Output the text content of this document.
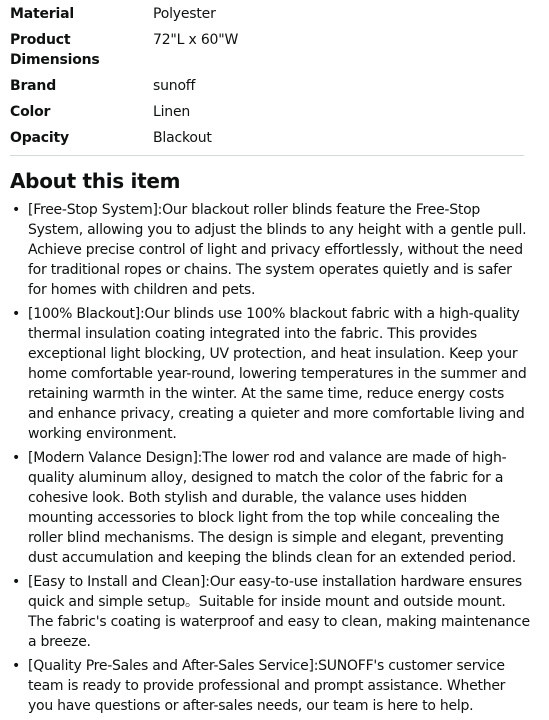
Material	Polyester
Product Dimensions	72"L x 60"W
Brand	sunoff
Color	Linen
Opacity	Blackout
About this item
• [Free-Stop System]:Our blackout roller blinds feature the Free-Stop System, allowing you to adjust the blinds to any height with a gentle pull. Achieve precise control of light and privacy effortlessly, without the need for traditional ropes or chains. The system operates quietly and is safer for homes with children and pets.
• [100% Blackout]:Our blinds use 100% blackout fabric with a high-quality thermal insulation coating integrated into the fabric. This provides exceptional light blocking, UV protection, and heat insulation. Keep your home comfortable year-round, lowering temperatures in the summer and retaining warmth in the winter. At the same time, reduce energy costs and enhance privacy, creating a quieter and more comfortable living and working environment.
• [Modern Valance Design]:The lower rod and valance are made of high-quality aluminum alloy, designed to match the color of the fabric for a cohesive look. Both stylish and durable, the valance uses hidden mounting accessories to block light from the top while concealing the roller blind mechanisms. The design is simple and elegant, preventing dust accumulation and keeping the blinds clean for an extended period.
• [Easy to Install and Clean]:Our easy-to-use installation hardware ensures quick and simple setup。Suitable for inside mount and outside mount. The fabric's coating is waterproof and easy to clean, making maintenance a breeze.
• [Quality Pre-Sales and After-Sales Service]:SUNOFF's customer service team is ready to provide professional and prompt assistance. Whether you have questions or after-sales needs, our team is here to help.
